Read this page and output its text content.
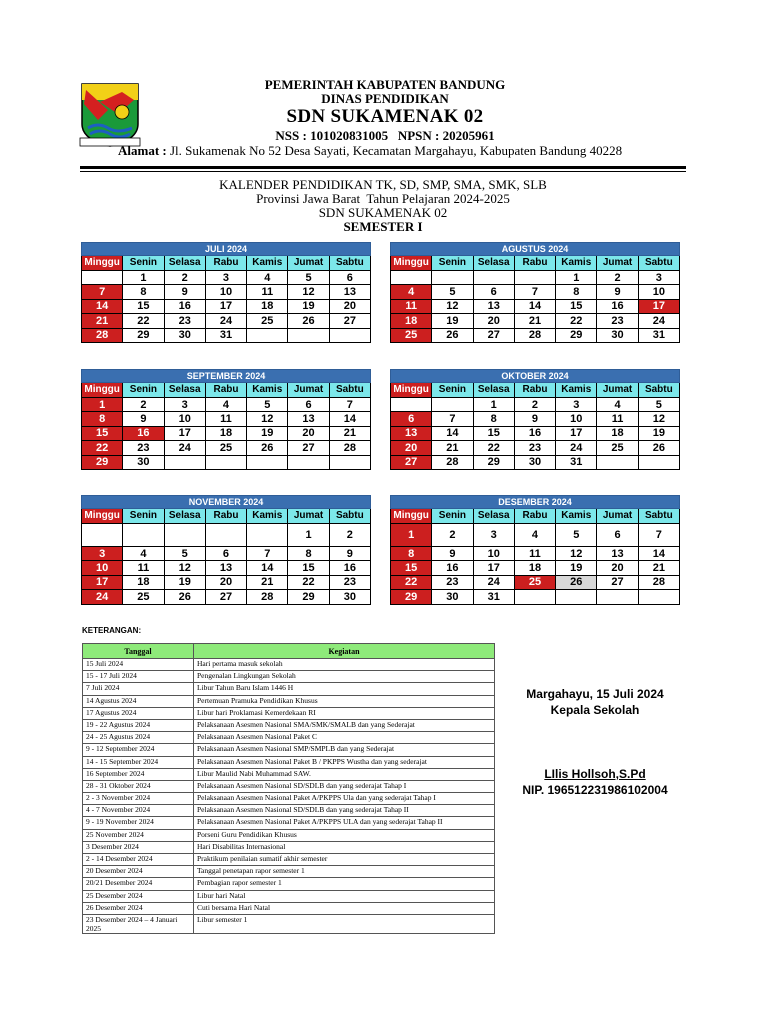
PEMERINTAH KABUPATEN BANDUNG
DINAS PENDIDIKAN
SDN SUKAMENAK 02
NSS : 101020831005   NPSN : 20205961
Alamat : Jl. Sukamenak No 52 Desa Sayati, Kecamatan Margahayu, Kabupaten Bandung 40228
KALENDER PENDIDIKAN TK, SD, SMP, SMA, SMK, SLB
Provinsi Jawa Barat  Tahun Pelajaran 2024-2025
SDN SUKAMENAK 02
SEMESTER I
JULI 2024						
Minggu	Senin	Selasa	Rabu	Kamis	Jumat	Sabtu
	1	2	3	4	5	6
7	8	9	10	11	12	13
14	15	16	17	18	19	20
21	22	23	24	25	26	27
28	29	30	31			
AGUSTUS 2024						
Minggu	Senin	Selasa	Rabu	Kamis	Jumat	Sabtu
				1	2	3
4	5	6	7	8	9	10
11	12	13	14	15	16	17
18	19	20	21	22	23	24
25	26	27	28	29	30	31
SEPTEMBER 2024						
Minggu	Senin	Selasa	Rabu	Kamis	Jumat	Sabtu
1	2	3	4	5	6	7
8	9	10	11	12	13	14
15	16	17	18	19	20	21
22	23	24	25	26	27	28
29	30					
OKTOBER 2024						
Minggu	Senin	Selasa	Rabu	Kamis	Jumat	Sabtu
		1	2	3	4	5
6	7	8	9	10	11	12
13	14	15	16	17	18	19
20	21	22	23	24	25	26
27	28	29	30	31		
NOVEMBER 2024						
Minggu	Senin	Selasa	Rabu	Kamis	Jumat	Sabtu
					1	2
3	4	5	6	7	8	9
10	11	12	13	14	15	16
17	18	19	20	21	22	23
24	25	26	27	28	29	30
DESEMBER 2024						
Minggu	Senin	Selasa	Rabu	Kamis	Jumat	Sabtu
1	2	3	4	5	6	7
8	9	10	11	12	13	14
15	16	17	18	19	20	21
22	23	24	25	26	27	28
29	30	31				
KETERANGAN:
Tanggal	Kegiatan
15 Juli 2024	Hari pertama masuk sekolah
15 - 17 Juli 2024	Pengenalan Lingkungan Sekolah
7 Juli 2024	Libur Tahun Baru Islam 1446 H
14 Agustus 2024	Pertemuan Pramuka Pendidikan Khusus
17 Agustus 2024	Libur hari Proklamasi Kemerdekaan RI
19 - 22 Agustus 2024	Pelaksanaan Asesmen Nasional SMA/SMK/SMALB dan yang Sederajat
24 - 25 Agustus 2024	Pelaksanaan Asesmen Nasional Paket C
9 - 12 September 2024	Pelaksanaan Asesmen Nasional SMP/SMPLB dan yang Sederajat
14 - 15 September 2024	Pelaksanaan Asesmen Nasional Paket B / PKPPS Wustha dan yang sederajat
16 September 2024	Libur Maulid Nabi Muhammad SAW.
28 - 31 Oktober 2024	Pelaksanaan Asesmen Nasional SD/SDLB dan yang sederajat Tahap I
2 - 3 November 2024	Pelaksanaan Asesmen Nasional Paket A/PKPPS Ula dan yang sederajat Tahap I
4 - 7 November 2024	Pelaksanaan Asesmen Nasional SD/SDLB dan yang sederajat Tahap II
9 - 19 November 2024	Pelaksanaan Asesmen Nasional Paket A/PKPPS ULA dan yang sederajat Tahap II
25 November 2024	Porseni Guru Pendidikan Khusus
3 Desember 2024	Hari Disabilitas Internasional
2 - 14 Desember 2024	Praktikum penilaian sumatif akhir semester
20 Desember 2024	Tanggal penetapan rapor semester 1
20/21 Desember 2024	Pembagian rapor semester 1
25 Desember 2024	Libur hari Natal
26 Desember 2024	Cuti bersama Hari Natal
23 Desember 2024 – 4 Januari 2025	Libur semester 1
Margahayu, 15 Juli 2024
Kepala Sekolah
LIlis Hollsoh,S.Pd
NIP. 196512231986102004
